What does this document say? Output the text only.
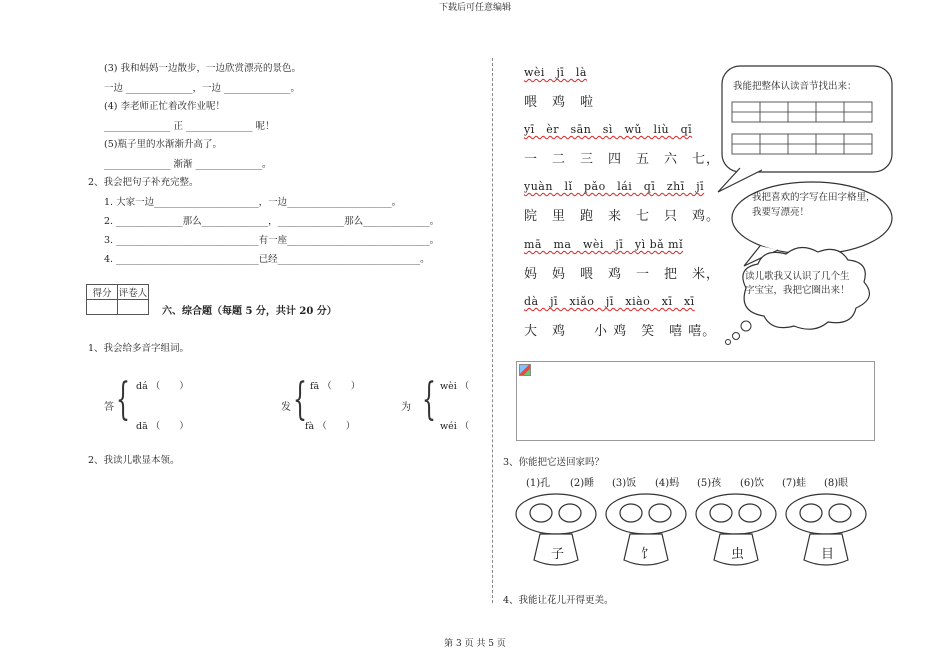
下载后可任意编辑
第 3 页 共 5 页
(3) 我和妈妈一边散步，一边欣赏漂亮的景色。
一边 ______________，一边 ______________。
(4) 李老师正忙着改作业呢！
______________ 正 ______________ 呢！
(5)瓶子里的水渐渐升高了。
______________ 渐渐 ______________。
2、我会把句子补充完整。
1. 大家一边______________________，一边______________________。
2. ______________那么______________，______________那么______________。
3. ______________________________有一座______________________________。
4. ______________________________已经______________________________。
得分	评卷人

六、综合题（每题 5 分，共计 20 分）
1、我会给多音字组词。
答 { dá （　　）
dā （　　）
发 { fā （　　）
fà （　　）
为 { wèi （
wéi （
2、我读儿歌显本领。
wèi　jī　là
喂　鸡　啦
yī　èr　sān　sì　wǔ　liù　qī
一　二　三　四　五　六　七，
yuàn　lǐ　pǎo　lái　qī　zhī　jī
院　里　跑　来　七　只　鸡。
mā　ma　wèi　jī　yì bǎ mǐ
妈　妈　喂　鸡　一　把　米，
dà　jī　xiǎo　jī　xiào　xī　xī
大　鸡　　小 鸡　笑　嘻 嘻。
我能把整体认读音节找出来：
我把喜欢的字写在田字格里，我要写漂亮！
读儿歌我又认识了几个生字宝宝，我把它圈出来！
3、你能把它送回家吗？
(1)孔 (2)睡 (3)饭 (4)蚂 (5)孩 (6)饮 (7)蛙 (8)眼
子	饣	虫	目
4、我能让花儿开得更美。
